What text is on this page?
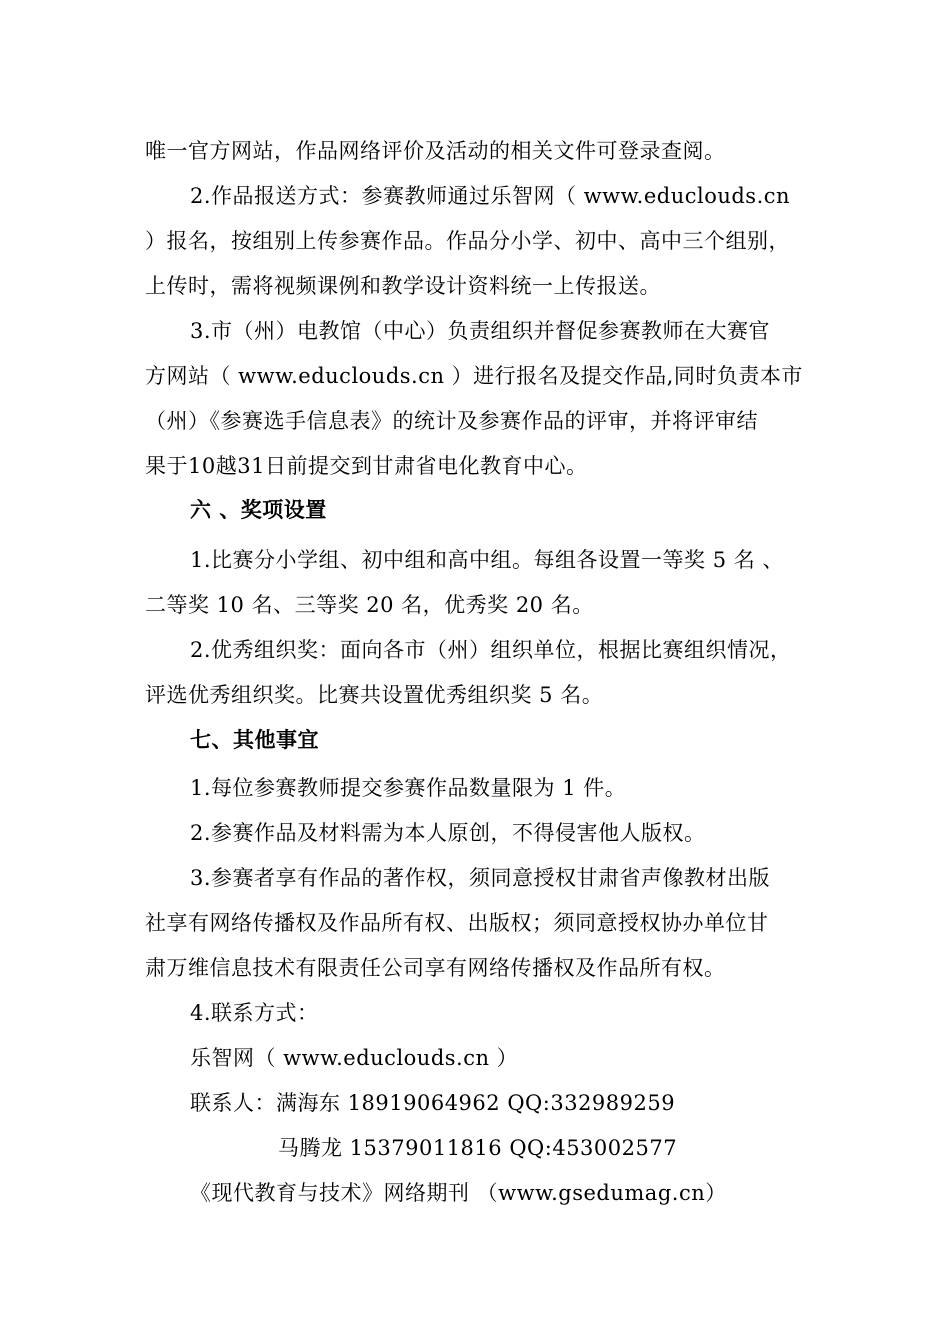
唯一官方网站，作品网络评价及活动的相关文件可登录查阅。
2.作品报送方式：参赛教师通过乐智网（ www.educlouds.cn
）报名，按组别上传参赛作品。作品分小学、初中、高中三个组别，
上传时，需将视频课例和教学设计资料统一上传报送。
3.市（州）电教馆（中心）负责组织并督促参赛教师在大赛官
方网站（ www.educlouds.cn ）进行报名及提交作品,同时负责本市
（州）《参赛选手信息表》的统计及参赛作品的评审，并将评审结
果于10越31日前提交到甘肃省电化教育中心。
六 、奖项设置
1.比赛分小学组、初中组和高中组。每组各设置一等奖 5 名 、
二等奖 10 名、三等奖 20 名，优秀奖 20 名。
2.优秀组织奖：面向各市（州）组织单位，根据比赛组织情况，
评选优秀组织奖。比赛共设置优秀组织奖 5 名。
七、其他事宜
1.每位参赛教师提交参赛作品数量限为 1 件。
2.参赛作品及材料需为本人原创，不得侵害他人版权。
3.参赛者享有作品的著作权，须同意授权甘肃省声像教材出版
社享有网络传播权及作品所有权、出版权；须同意授权协办单位甘
肃万维信息技术有限责任公司享有网络传播权及作品所有权。
4.联系方式：
乐智网（ www.educlouds.cn ）
联系人：满海东 18919064962 QQ:332989259
马腾龙 15379011816 QQ:453002577
《现代教育与技术》网络期刊 （www.gsedumag.cn）
